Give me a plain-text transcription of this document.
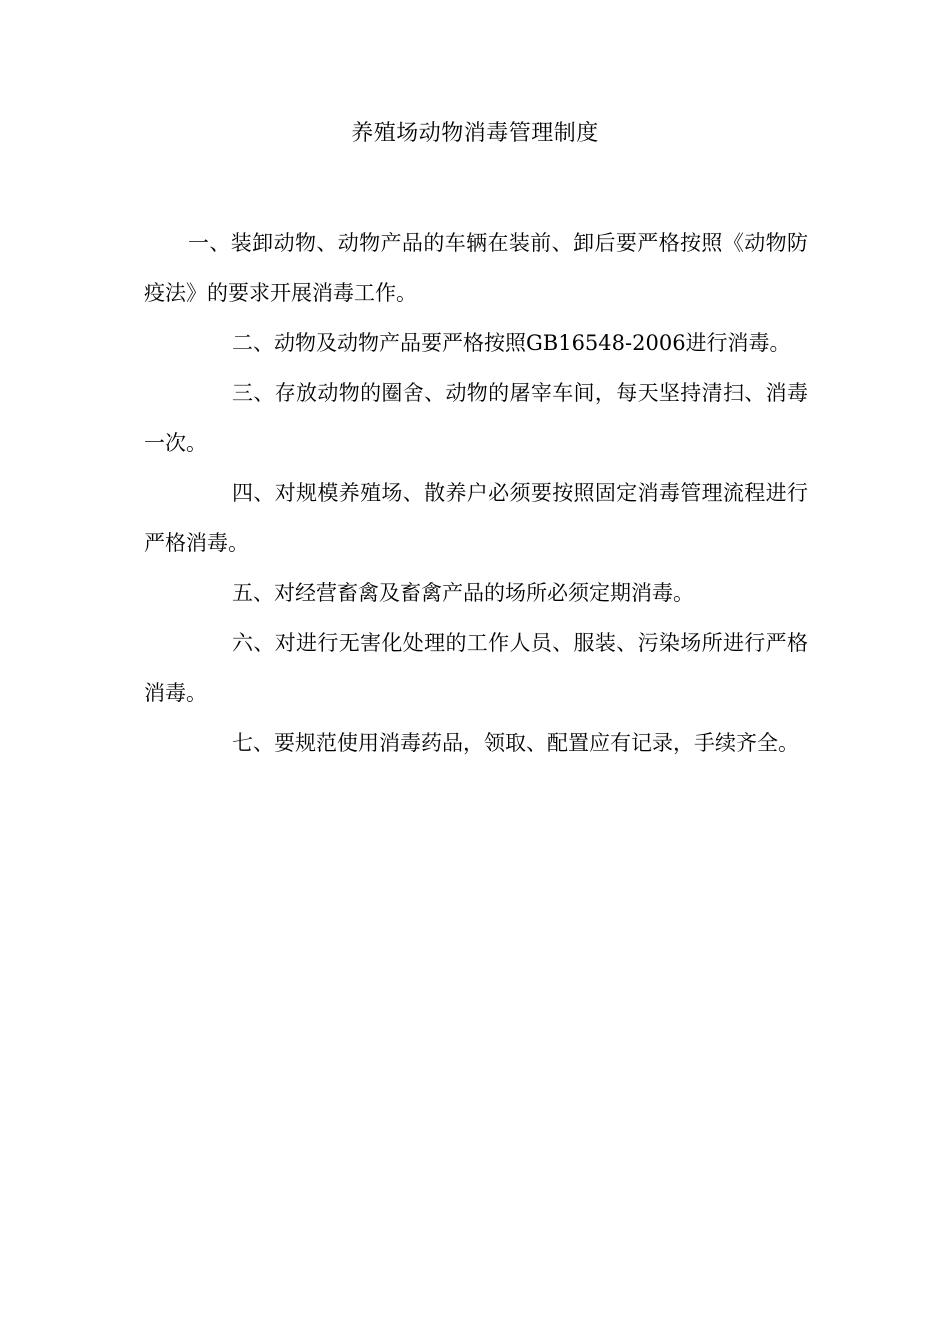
养殖场动物消毒管理制度

一、装卸动物、动物产品的车辆在装前、卸后要严格按照《动物防疫法》的要求开展消毒工作。

二、动物及动物产品要严格按照GB16548-2006进行消毒。

三、存放动物的圈舍、动物的屠宰车间，每天坚持清扫、消毒一次。

四、对规模养殖场、散养户必须要按照固定消毒管理流程进行严格消毒。

五、对经营畜禽及畜禽产品的场所必须定期消毒。

六、对进行无害化处理的工作人员、服装、污染场所进行严格消毒。

七、要规范使用消毒药品，领取、配置应有记录，手续齐全。
